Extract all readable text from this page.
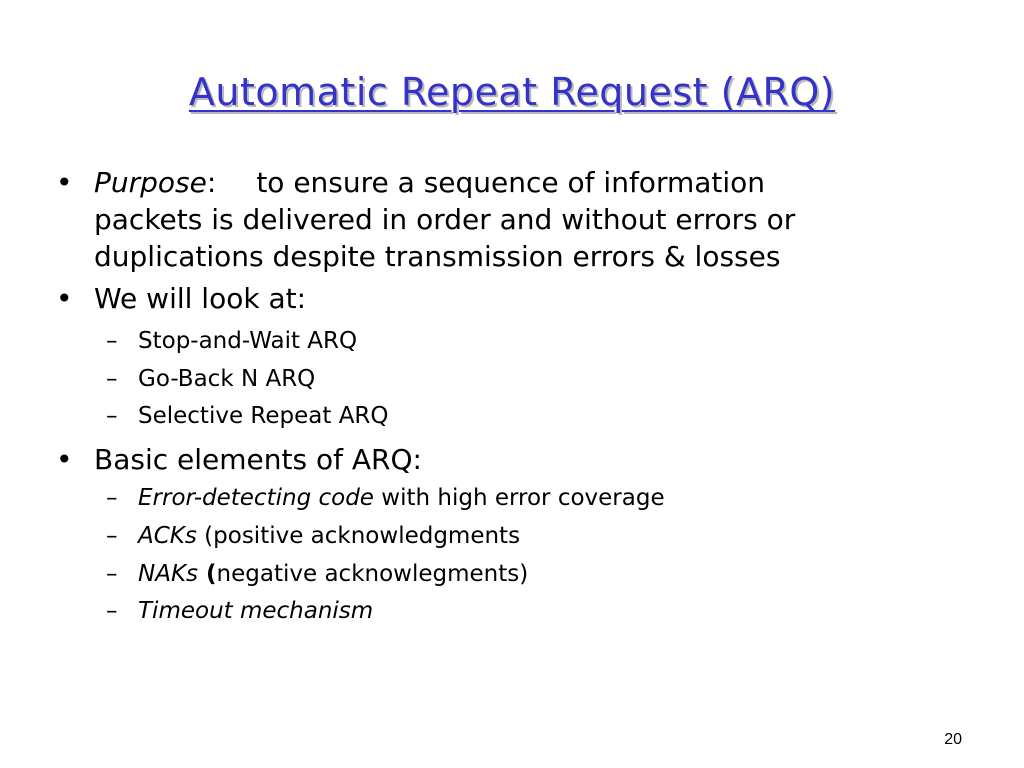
Automatic Repeat Request (ARQ)
• Purpose: to ensure a sequence of information
packets is delivered in order and without errors or
duplications despite transmission errors & losses
• We will look at:
– Stop-and-Wait ARQ
– Go-Back N ARQ
– Selective Repeat ARQ
• Basic elements of ARQ:
– Error-detecting code with high error coverage
– ACKs (positive acknowledgments
– NAKs (negative acknowlegments)
– Timeout mechanism
20
